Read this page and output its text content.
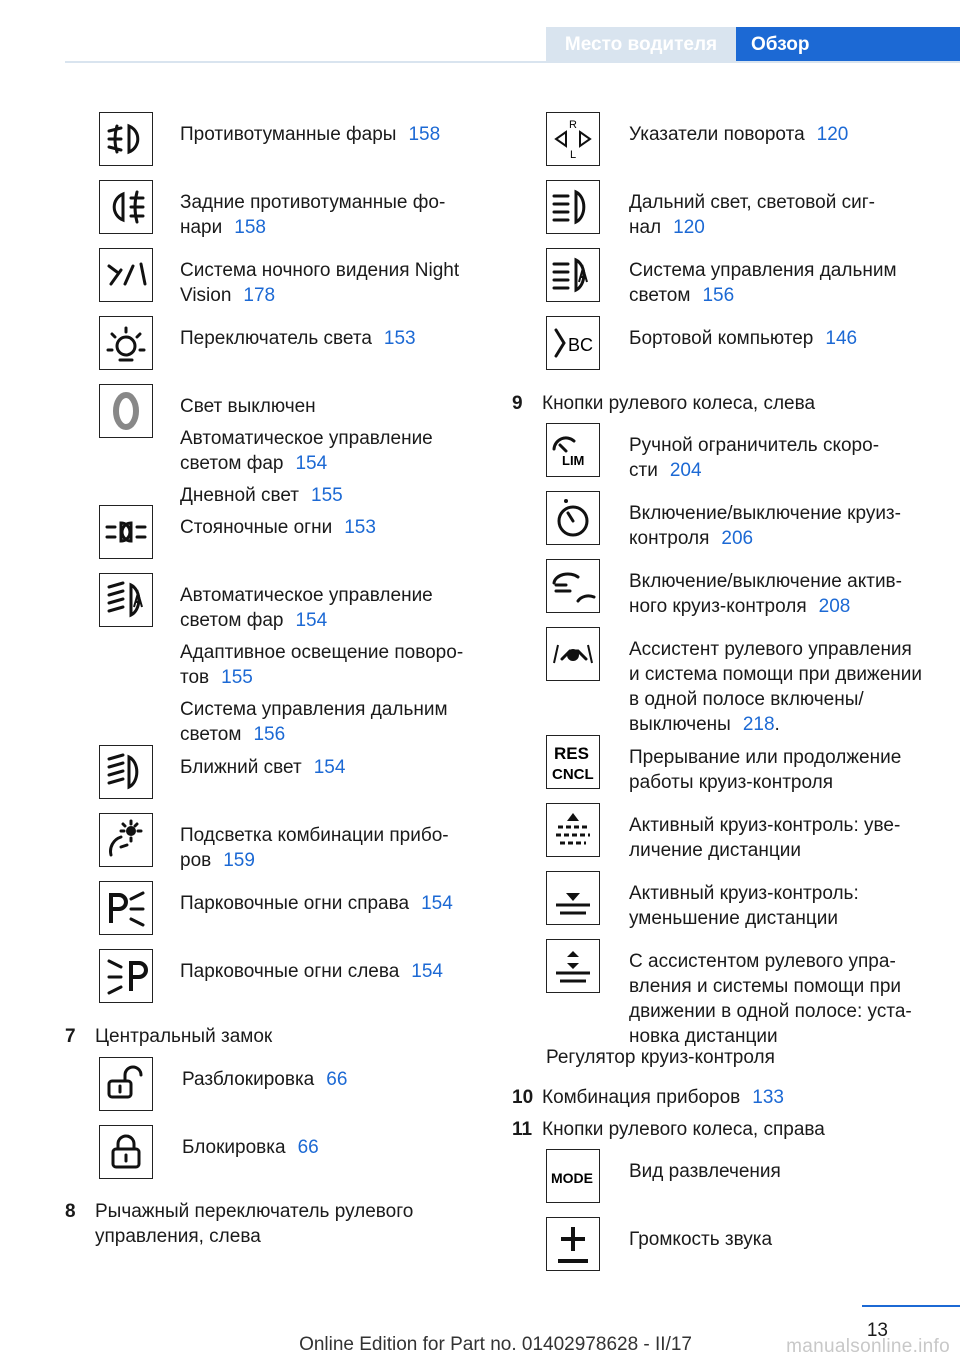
Место водителя Обзор
13
Online Edition for Part no. 01402978628 - II/17	manualsonline.info

Противотуманные фары 158

Задние противотуманные фо-
нари 158

Система ночного видения Night
Vision 178

Переключатель света 153

Свет выключен

Автоматическое управление
светом фар 154

Дневной свет 155

Стояночные огни 153

Автоматическое управление
светом фар 154

Адаптивное освещение поворо-
тов 155

Система управления дальним
светом 156

Ближний свет 154

Подсветка комбинации прибо-
ров 159

Парковочные огни справа 154

Парковочные огни слева 154

7	Центральный замок

Разблокировка 66

Блокировка 66

8	Рычажный переключатель рулевого
управления, слева
R
L

Указатели поворота 120

Дальний свет, световой сиг-
нал 120

Система управления дальним
светом 156

BC Бортовой компьютер 146

9	Кнопки рулевого колеса, слева
LIM

Ручной ограничитель скоро-
сти 204

Включение/выключение круиз-
контроля 206

Включение/выключение актив-
ного круиз-контроля 208

Ассистент рулевого управления
и система помощи при движении
в одной полосе включены/
выключены 218.

RES
CNCL

Прерывание или продолжение
работы круиз-контроля

Активный круиз-контроль: уве-
личение дистанции

Активный круиз-контроль:
уменьшение дистанции

С ассистентом рулевого упра-
вления и системы помощи при
движении в одной полосе: уста-
новка дистанции

Регулятор круиз-контроля
10 Комбинация приборов 133
11 Кнопки рулевого колеса, справа
MODE Вид развлечения

Громкость звука
